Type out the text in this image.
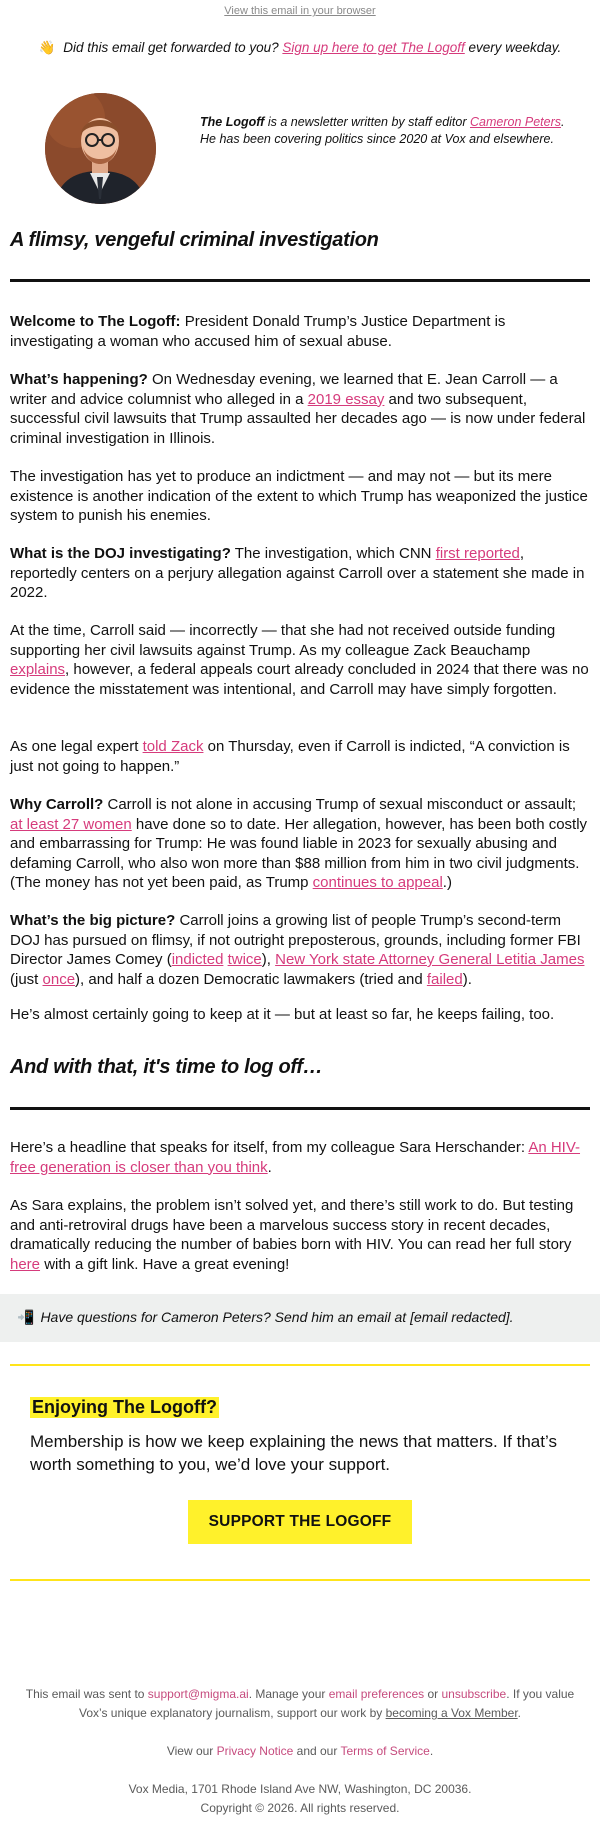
View this email in your browser
👋 Did this email get forwarded to you? Sign up here to get The Logoff every weekday.
The Logoff is a newsletter written by staff editor Cameron Peters. He has been covering politics since 2020 at Vox and elsewhere.
A flimsy, vengeful criminal investigation
Welcome to The Logoff: President Donald Trump’s Justice Department is investigating a woman who accused him of sexual abuse.
What’s happening? On Wednesday evening, we learned that E. Jean Carroll — a writer and advice columnist who alleged in a 2019 essay and two subsequent, successful civil lawsuits that Trump assaulted her decades ago — is now under federal criminal investigation in Illinois.
The investigation has yet to produce an indictment — and may not — but its mere existence is another indication of the extent to which Trump has weaponized the justice system to punish his enemies.
What is the DOJ investigating? The investigation, which CNN first reported, reportedly centers on a perjury allegation against Carroll over a statement she made in 2022.
At the time, Carroll said — incorrectly — that she had not received outside funding supporting her civil lawsuits against Trump. As my colleague Zack Beauchamp explains, however, a federal appeals court already concluded in 2024 that there was no evidence the misstatement was intentional, and Carroll may have simply forgotten.
As one legal expert told Zack on Thursday, even if Carroll is indicted, “A conviction is just not going to happen.”
Why Carroll? Carroll is not alone in accusing Trump of sexual misconduct or assault; at least 27 women have done so to date. Her allegation, however, has been both costly and embarrassing for Trump: He was found liable in 2023 for sexually abusing and defaming Carroll, who also won more than $88 million from him in two civil judgments. (The money has not yet been paid, as Trump continues to appeal.)
What’s the big picture? Carroll joins a growing list of people Trump’s second-term DOJ has pursued on flimsy, if not outright preposterous, grounds, including former FBI Director James Comey (indicted twice), New York state Attorney General Letitia James (just once), and half a dozen Democratic lawmakers (tried and failed).
He’s almost certainly going to keep at it — but at least so far, he keeps failing, too.
And with that, it's time to log off…
Here’s a headline that speaks for itself, from my colleague Sara Herschander: An HIV-free generation is closer than you think.
As Sara explains, the problem isn’t solved yet, and there’s still work to do. But testing and anti-retroviral drugs have been a marvelous success story in recent decades, dramatically reducing the number of babies born with HIV. You can read her full story here with a gift link. Have a great evening!
📲 Have questions for Cameron Peters? Send him an email at [email redacted].
Enjoying The Logoff?
Membership is how we keep explaining the news that matters. If that’s worth something to you, we’d love your support.
SUPPORT THE LOGOFF
This email was sent to support@migma.ai. Manage your email preferences or unsubscribe. If you value Vox’s unique explanatory journalism, support our work by becoming a Vox Member.
View our Privacy Notice and our Terms of Service.
Vox Media, 1701 Rhode Island Ave NW, Washington, DC 20036.
Copyright © 2026. All rights reserved.
